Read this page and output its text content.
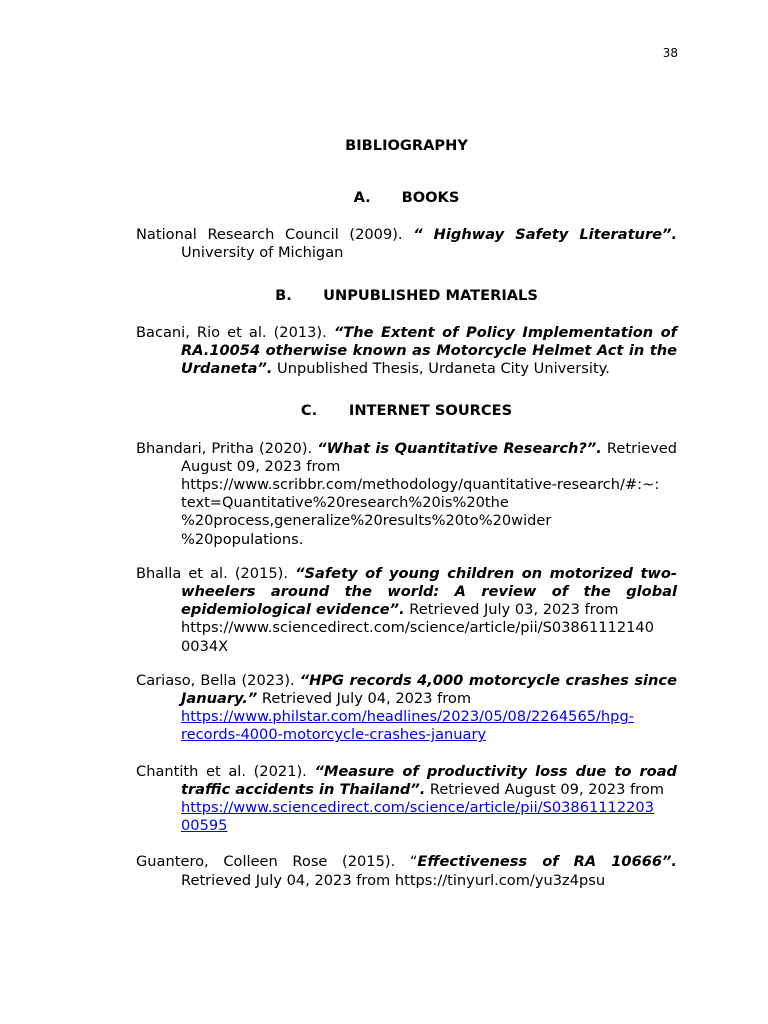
38

BIBLIOGRAPHY

A. BOOKS

National Research Council (2009). “ Highway Safety Literature”. University of Michigan

B. UNPUBLISHED MATERIALS

Bacani, Rio et al. (2013). “The Extent of Policy Implementation of RA.10054 otherwise known as Motorcycle Helmet Act in the Urdaneta”. Unpublished Thesis, Urdaneta City University.

C. INTERNET SOURCES

Bhandari, Pritha (2020). “What is Quantitative Research?”. Retrieved August 09, 2023 from
https://www.scribbr.com/methodology/quantitative-research/#:~:
text=Quantitative%20research%20is%20the
%20process,generalize%20results%20to%20wider
%20populations.

Bhalla et al. (2015). “Safety of young children on motorized two-wheelers around the world: A review of the global epidemiological evidence”. Retrieved July 03, 2023 from
https://www.sciencedirect.com/science/article/pii/S03861112140
0034X

Cariaso, Bella (2023). “HPG records 4,000 motorcycle crashes since January.” Retrieved July 04, 2023 from
https://www.philstar.com/headlines/2023/05/08/2264565/hpg-
records-4000-motorcycle-crashes-january

Chantith et al. (2021). “Measure of productivity loss due to road traffic accidents in Thailand”. Retrieved August 09, 2023 from
https://www.sciencedirect.com/science/article/pii/S03861112203
00595

Guantero, Colleen Rose (2015). “Effectiveness of RA 10666”. Retrieved July 04, 2023 from https://tinyurl.com/yu3z4psu
